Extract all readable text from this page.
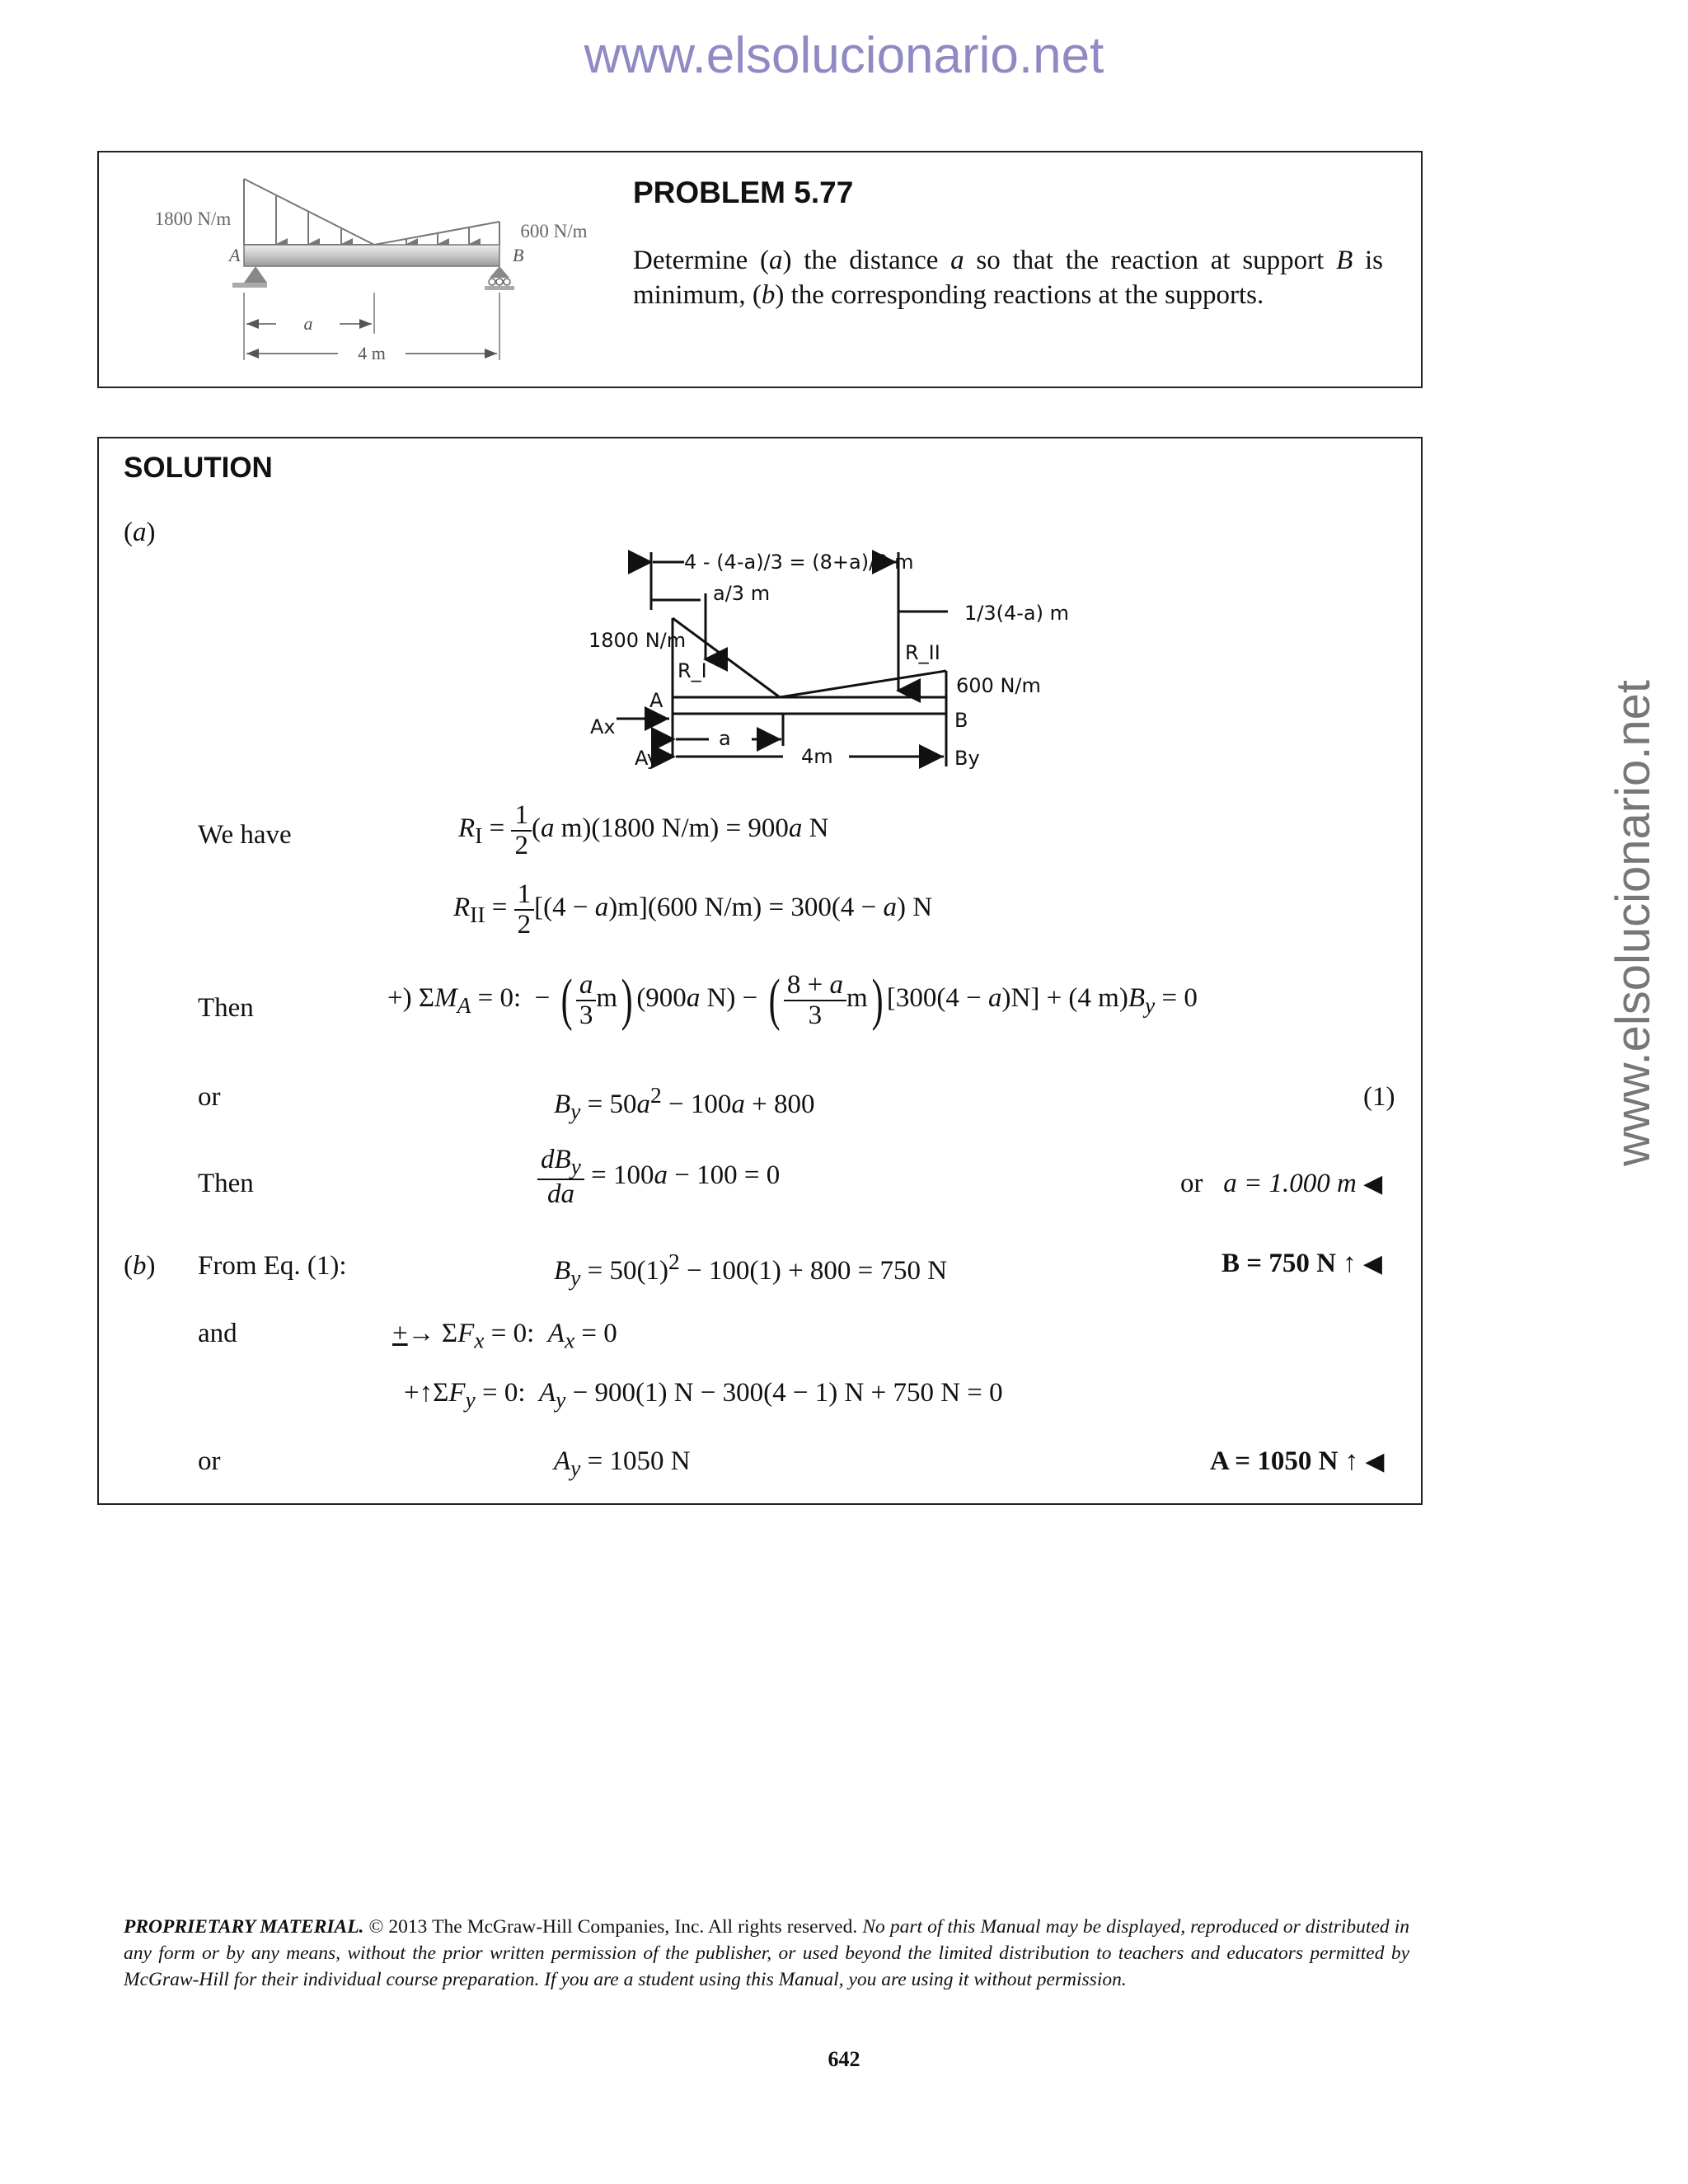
www.elsolucionario.net
www.elsolucionario.net
1800 N/m
600 N/m
A	B
a
4 m
PROBLEM 5.77
Determine (a) the distance a so that the reaction at support B is minimum, (b) the corresponding reactions at the supports.
SOLUTION
(a)
4 - (4-a)/3 = (8+a)/3 m
a/3 m
1/3(4-a) m
1800 N/m
600 N/m
R_I
R_II
A
B
Ax
Ay	By
a
4m
We have
Then
or
Then
(b) From Eq. (1):
and
or
$R_I = \frac{1}{2} (a$ m)(1800 N/m) = 900a N
$R_{II} = \frac{1}{2} [(4 - a)m](600$ N/m) = 300(4 − a) N
+) $\Sigma M_A = 0$:  − ( $\frac{a}{3} m$) (900a N) − ( $\frac{8 + a}{3} m$) [300(4 − a)N] + (4 $m)B_y = 0$
$B_y = 50a^2 - 100a + 800$	(1)
$\frac{dB_y}{da} = 100a - 100 = 0$	or a = 1.000 m ◀
$B_y = 50(1)^2 - 100(1) + 800 = 750$ N	B = 750 N ↑ ◀
+→ $\Sigma F_x = 0$:  $A_x = 0$
$+↑\Sigma F_y = 0$:  $A_y - 900(1) N - 300(4 - 1) N + 750$ N = 0
$A_y = 1050$ N	A = 1050 N ↑ ◀
PROPRIETARY MATERIAL. © 2013 The McGraw-Hill Companies, Inc. All rights reserved. No part of this Manual may be displayed, reproduced or distributed in any form or by any means, without the prior written permission of the publisher, or used beyond the limited distribution to teachers and educators permitted by McGraw-Hill for their individual course preparation. If you are a student using this Manual, you are using it without permission.
642
